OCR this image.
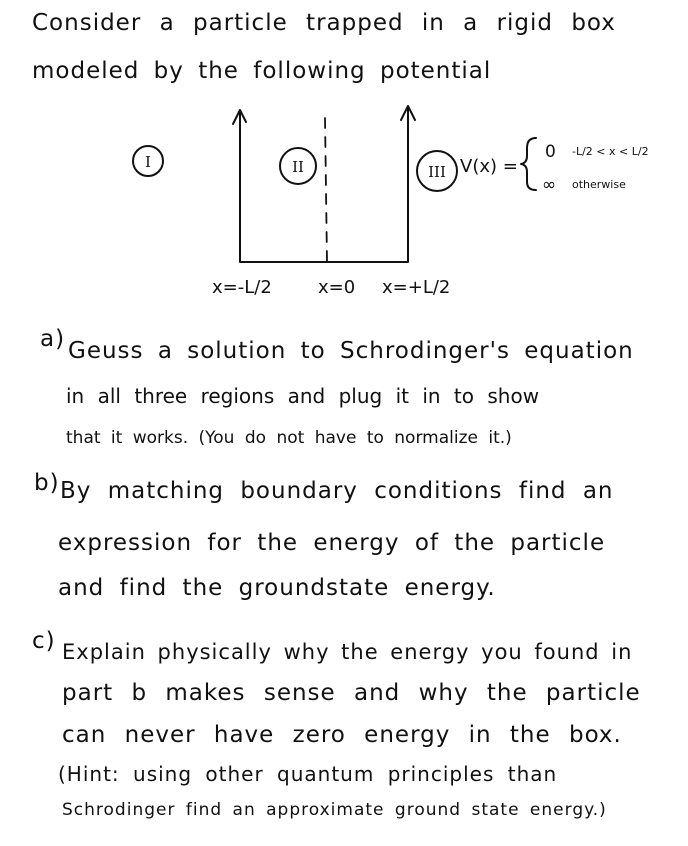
Consider a particle trapped in a rigid box
modeled by the following potential
I	II	III
x=-L/2	x=0 x=+L/2
V(x) =
0
∞
-L/2 < x < L/2
otherwise
a) Geuss a solution to Schrodinger's equation
in all three regions and plug it in to show
that it works. (You do not have to normalize it.)
b) By matching boundary conditions find an
expression for the energy of the particle
and find the groundstate energy.
c) Explain physically why the energy you found in
part b makes sense and why the particle
can never have zero energy in the box.
(Hint: using other quantum principles than
Schrodinger find an approximate ground state energy.)
